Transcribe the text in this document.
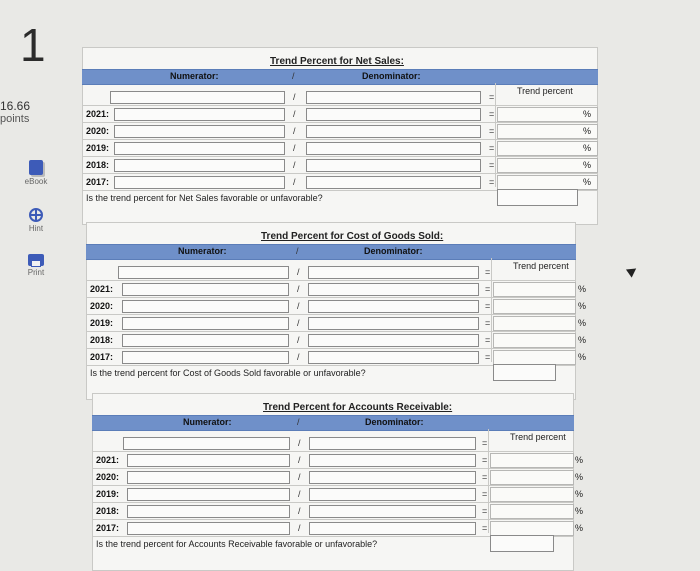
1
16.66
points
eBook
Hint
Print
Trend Percent for Net Sales:
Numerator:	/	Denominator:
Trend percent
/	=
2021:	/	=	%
2020:	/	=	%
2019:	/	=	%
2018:	/	=	%
2017:	/	=	%
Is the trend percent for Net Sales favorable or unfavorable?
Trend Percent for Cost of Goods Sold:
Numerator:	/	Denominator:
Trend percent
/	=
2021:	/	=	%
2020:	/	=	%
2019:	/	=	%
2018:	/	=	%
2017:	/	=	%
Is the trend percent for Cost of Goods Sold favorable or unfavorable?
Trend Percent for Accounts Receivable:
Numerator:	/	Denominator:
Trend percent
/	=
2021:	/	=	%
2020:	/	=	%
2019:	/	=	%
2018:	/	=	%
2017:	/	=	%
Is the trend percent for Accounts Receivable favorable or unfavorable?
